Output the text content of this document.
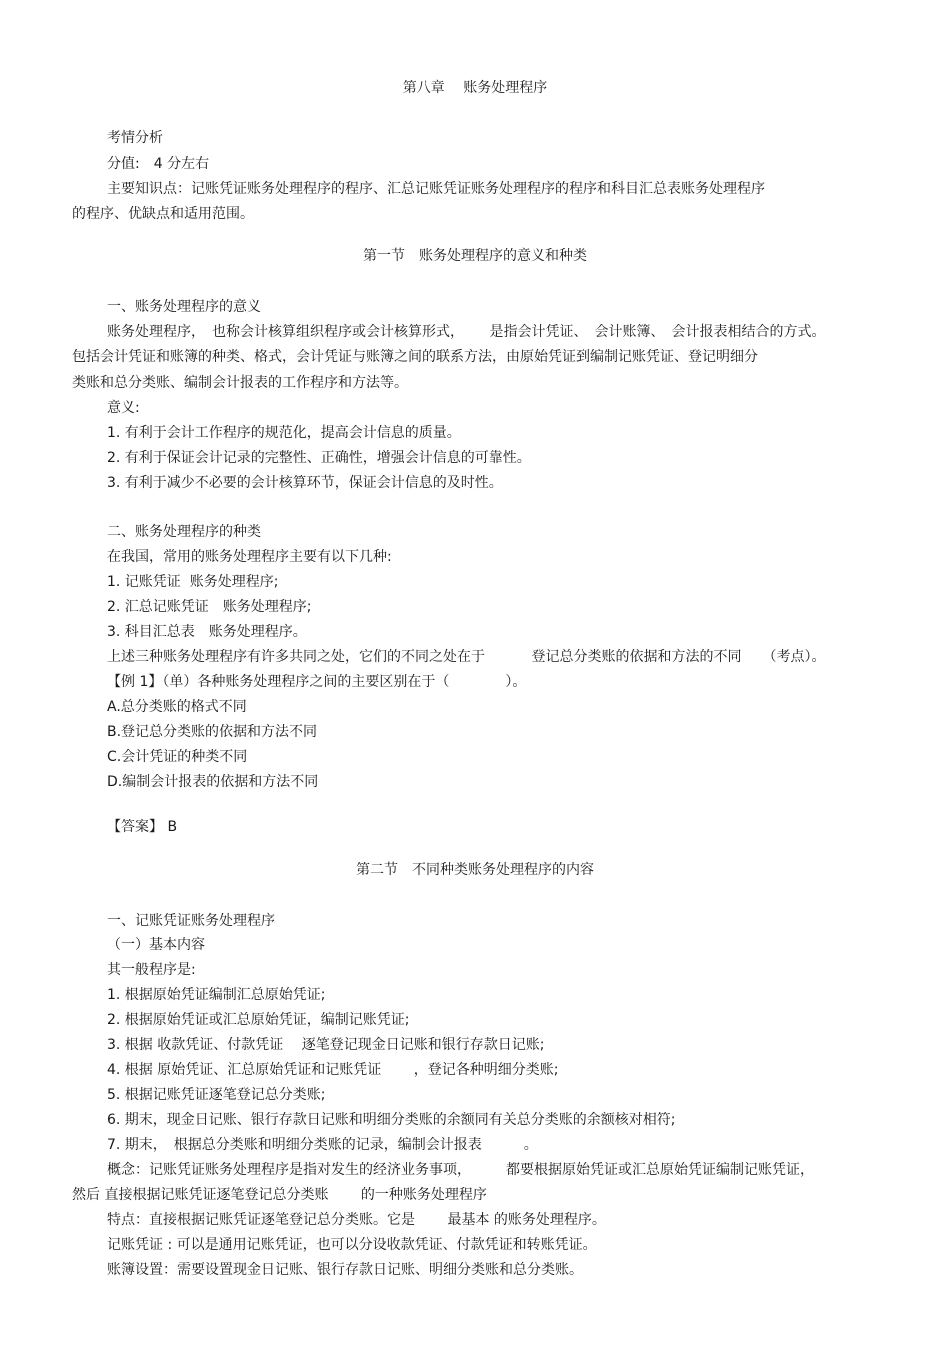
第八章　 账务处理程序
考情分析
分值:　4 分左右
主要知识点：记账凭证账务处理程序的程序、汇总记账凭证账务处理程序的程序和科目汇总表账务处理程序
的程序、优缺点和适用范围。
第一节　账务处理程序的意义和种类
一、账务处理程序的意义
账务处理程序，　也称会计核算组织程序或会计核算形式，　　 是指会计凭证、　会计账簿、　会计报表相结合的方式。
包括会计凭证和账簿的种类、格式，会计凭证与账簿之间的联系方法，由原始凭证到编制记账凭证、登记明细分
类账和总分类账、编制会计报表的工作程序和方法等。
意义:
1. 有利于会计工作程序的规范化，提高会计信息的质量。
2. 有利于保证会计记录的完整性、正确性，增强会计信息的可靠性。
3. 有利于减少不必要的会计核算环节，保证会计信息的及时性。
二、账务处理程序的种类
在我国，常用的账务处理程序主要有以下几种:
1. 记账凭证  账务处理程序;
2. 汇总记账凭证　账务处理程序;
3. 科目汇总表　账务处理程序。
上述三种账务处理程序有许多共同之处，它们的不同之处在于　　　 登记总分类账的依据和方法的不同　　（考点）。
【例 1】（单）各种账务处理程序之间的主要区别在于（　　　　）。
A.总分类账的格式不同
B.登记总分类账的依据和方法不同
C.会计凭证的种类不同
D.编制会计报表的依据和方法不同
【答案】 B
第二节　不同种类账务处理程序的内容
一、记账凭证账务处理程序
（一）基本内容
其一般程序是:
1. 根据原始凭证编制汇总原始凭证;
2. 根据原始凭证或汇总原始凭证，编制记账凭证;
3. 根据 收款凭证、付款凭证　 逐笔登记现金日记账和银行存款日记账;
4. 根据 原始凭证、汇总原始凭证和记账凭证　　 ，登记各种明细分类账;
5. 根据记账凭证逐笔登记总分类账;
6. 期末，现金日记账、银行存款日记账和明细分类账的余额同有关总分类账的余额核对相符;
7. 期末，　根据总分类账和明细分类账的记录，编制会计报表　　　。
概念：记账凭证账务处理程序是指对发生的经济业务事项，　　　都要根据原始凭证或汇总原始凭证编制记账凭证，
然后 直接根据记账凭证逐笔登记总分类账　　 的一种账务处理程序
特点：直接根据记账凭证逐笔登记总分类账。它是　　 最基本 的账务处理程序。
记账凭证 : 可以是通用记账凭证，也可以分设收款凭证、付款凭证和转账凭证。
账簿设置：需要设置现金日记账、银行存款日记账、明细分类账和总分类账。
